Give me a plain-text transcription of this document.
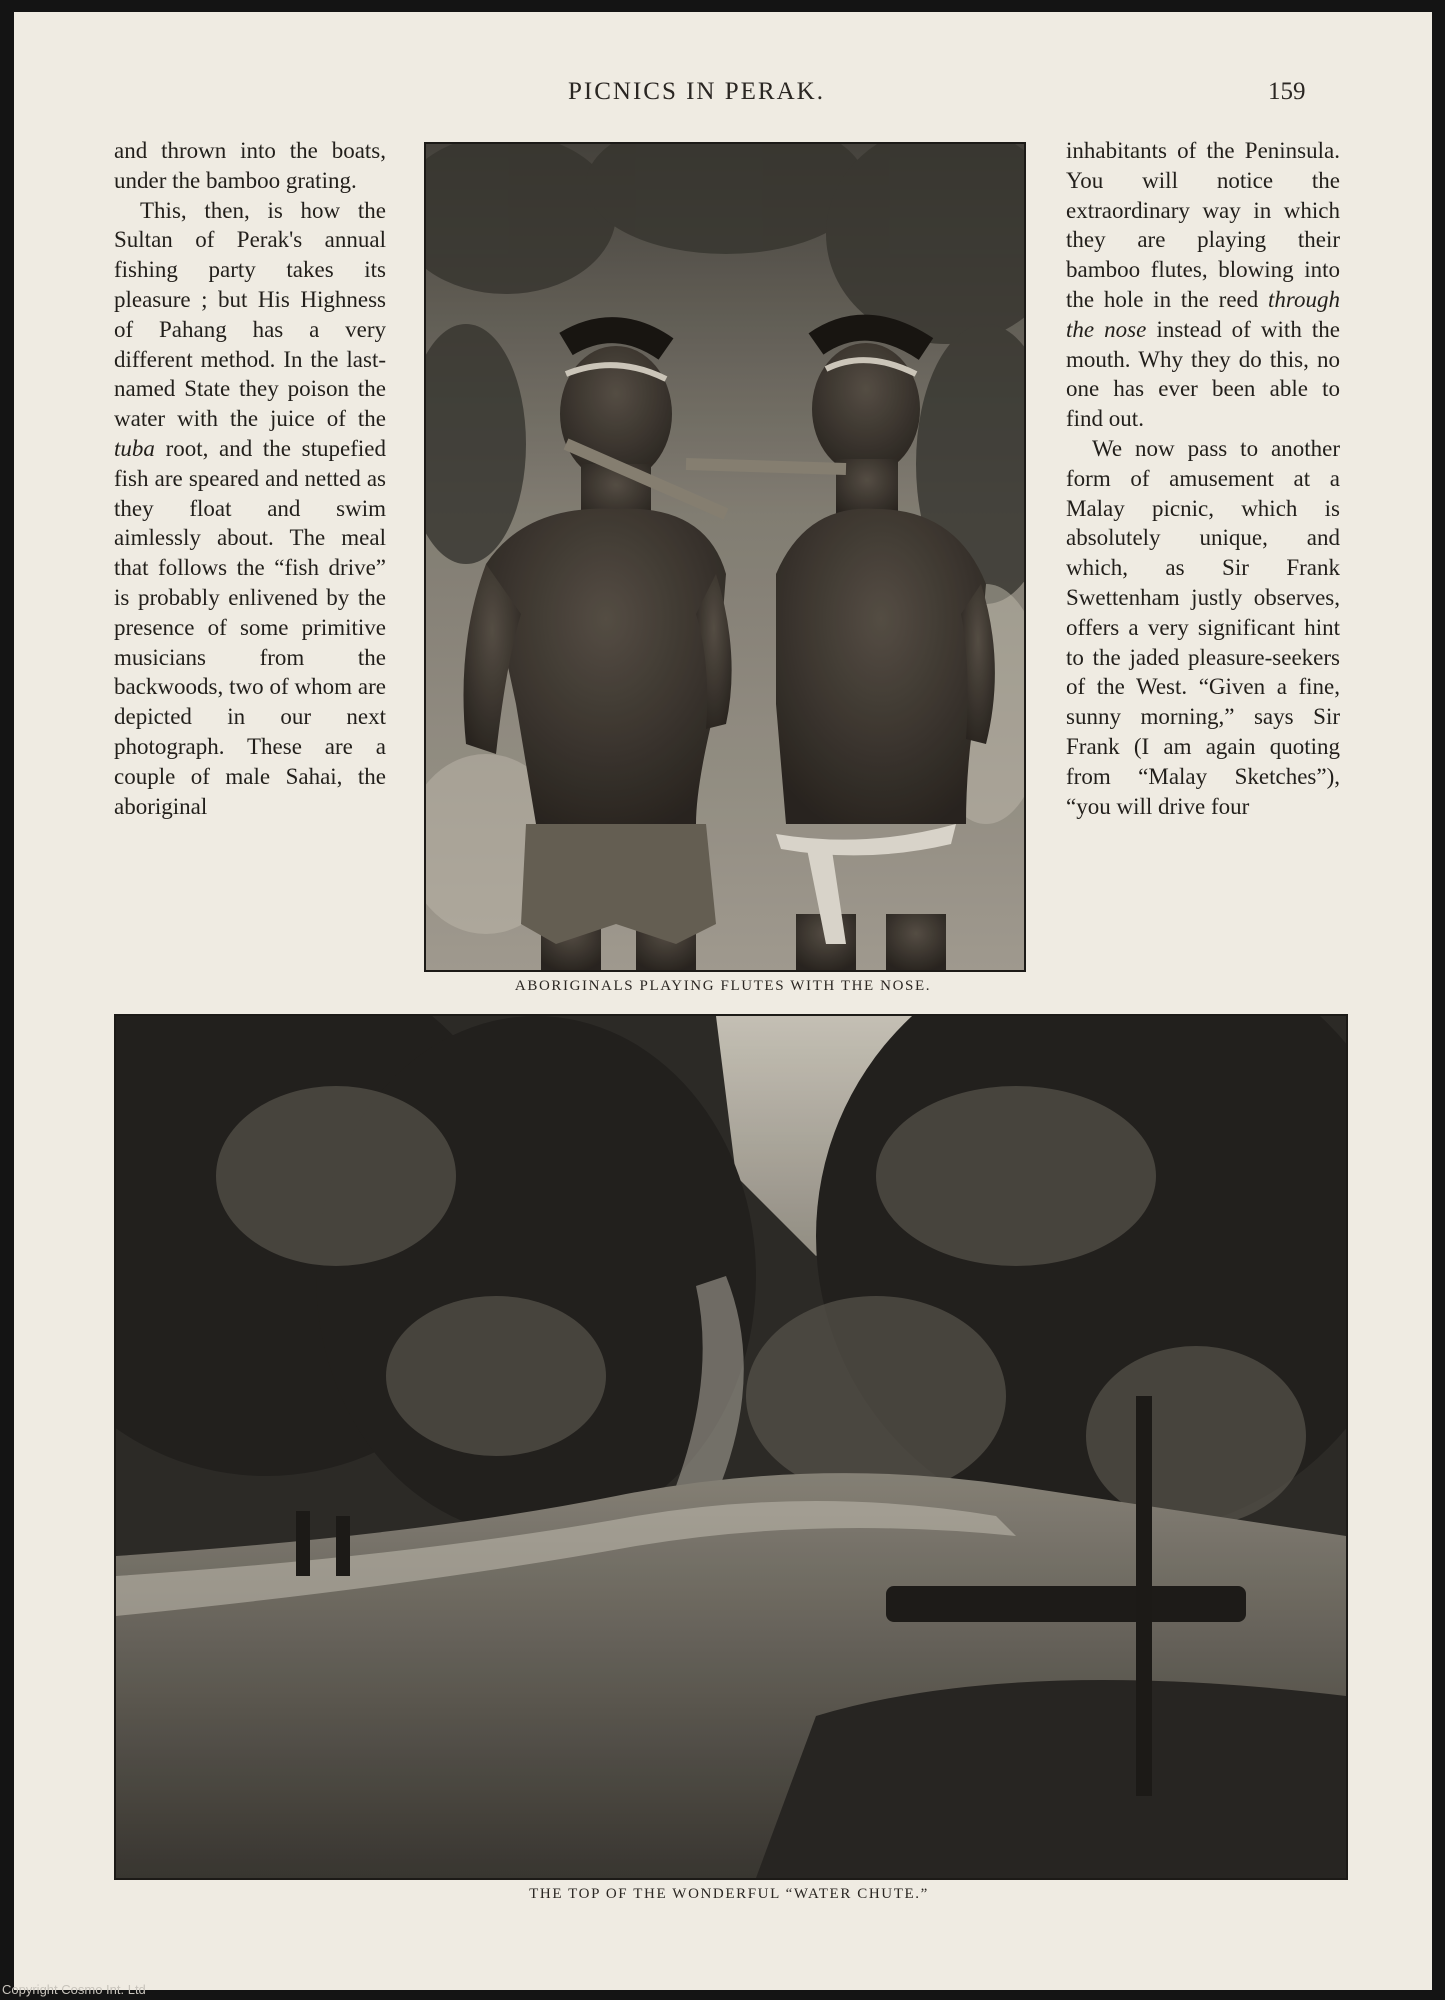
PICNICS IN PERAK.	159

and thrown into the boats, under the bamboo grating.

This, then, is how the Sultan of Perak's annual fishing party takes its pleasure ; but His Highness of Pahang has a very different method. In the last-named State they poison the water with the juice of the tuba root, and the stupefied fish are speared and netted as they float and swim aimlessly about. The meal that follows the “fish drive” is probably enlivened by the presence of some primitive musicians from the backwoods, two of whom are depicted in our next photograph. These are a couple of male Sahai, the aboriginal

ABORIGINALS PLAYING FLUTES WITH THE NOSE.

inhabitants of the Peninsula. You will notice the extraordinary way in which they are playing their bamboo flutes, blowing into the hole in the reed through the nose instead of with the mouth. Why they do this, no one has ever been able to find out.

We now pass to another form of amusement at a Malay picnic, which is absolutely unique, and which, as Sir Frank Swettenham justly observes, offers a very significant hint to the jaded pleasure-seekers of the West. “Given a fine, sunny morning,” says Sir Frank (I am again quoting from “Malay Sketches”), “you will drive four

THE TOP OF THE WONDERFUL “WATER CHUTE.”
Copyright Cosmo Int. Ltd
